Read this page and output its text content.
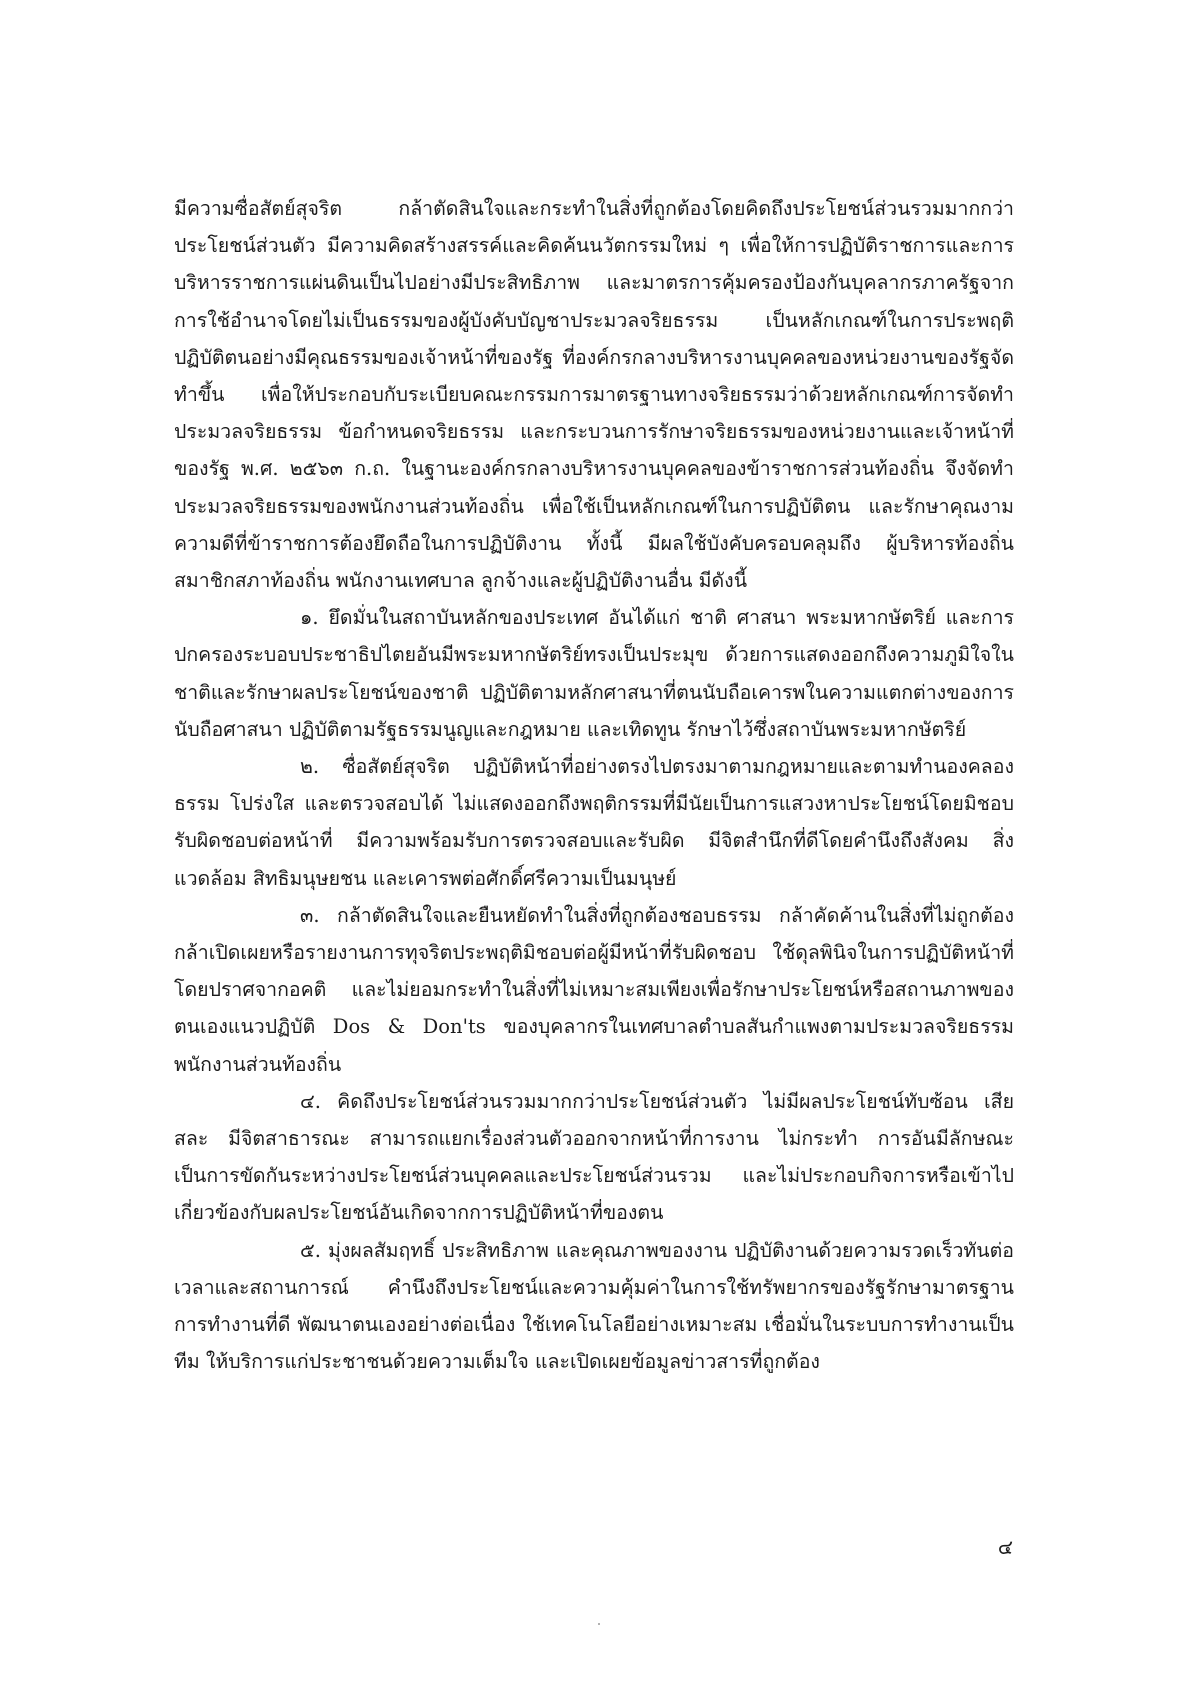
มีความซื่อสัตย์สุจริต กล้าตัดสินใจและกระทำในสิ่งที่ถูกต้องโดยคิดถึงประโยชน์ส่วนรวมมากกว่าประโยชน์ส่วนตัว มีความคิดสร้างสรรค์และคิดค้นนวัตกรรมใหม่ ๆ เพื่อให้การปฏิบัติราชการและการบริหารราชการแผ่นดินเป็นไปอย่างมีประสิทธิภาพ และมาตรการคุ้มครองป้องกันบุคลากรภาครัฐจากการใช้อำนาจโดยไม่เป็นธรรมของผู้บังคับบัญชาประมวลจริยธรรม เป็นหลักเกณฑ์ในการประพฤติปฏิบัติตนอย่างมีคุณธรรมของเจ้าหน้าที่ของรัฐ ที่องค์กรกลางบริหารงานบุคคลของหน่วยงานของรัฐจัดทำขึ้น เพื่อให้ประกอบกับระเบียบคณะกรรมการมาตรฐานทางจริยธรรมว่าด้วยหลักเกณฑ์การจัดทำประมวลจริยธรรม ข้อกำหนดจริยธรรม และกระบวนการรักษาจริยธรรมของหน่วยงานและเจ้าหน้าที่ของรัฐ พ.ศ. ๒๕๖๓ ก.ถ. ในฐานะองค์กรกลางบริหารงานบุคคลของข้าราชการส่วนท้องถิ่น จึงจัดทำประมวลจริยธรรมของพนักงานส่วนท้องถิ่น เพื่อใช้เป็นหลักเกณฑ์ในการปฏิบัติตน และรักษาคุณงามความดีที่ข้าราชการต้องยึดถือในการปฏิบัติงาน ทั้งนี้ มีผลใช้บังคับครอบคลุมถึง ผู้บริหารท้องถิ่น สมาชิกสภาท้องถิ่น พนักงานเทศบาล ลูกจ้างและผู้ปฏิบัติงานอื่น มีดังนี้

๑. ยึดมั่นในสถาบันหลักของประเทศ อันได้แก่ ชาติ ศาสนา พระมหากษัตริย์ และการปกครองระบอบประชาธิปไตยอันมีพระมหากษัตริย์ทรงเป็นประมุข ด้วยการแสดงออกถึงความภูมิใจในชาติและรักษาผลประโยชน์ของชาติ ปฏิบัติตามหลักศาสนาที่ตนนับถือเคารพในความแตกต่างของการนับถือศาสนา ปฏิบัติตามรัฐธรรมนูญและกฎหมาย และเทิดทูน รักษาไว้ซึ่งสถาบันพระมหากษัตริย์

๒. ซื่อสัตย์สุจริต ปฏิบัติหน้าที่อย่างตรงไปตรงมาตามกฎหมายและตามทำนองคลองธรรม โปร่งใส และตรวจสอบได้ ไม่แสดงออกถึงพฤติกรรมที่มีนัยเป็นการแสวงหาประโยชน์โดยมิชอบ รับผิดชอบต่อหน้าที่ มีความพร้อมรับการตรวจสอบและรับผิด มีจิตสำนึกที่ดีโดยคำนึงถึงสังคม สิ่งแวดล้อม สิทธิมนุษยชน และเคารพต่อศักดิ์ศรีความเป็นมนุษย์

๓. กล้าตัดสินใจและยืนหยัดทำในสิ่งที่ถูกต้องชอบธรรม กล้าคัดค้านในสิ่งที่ไม่ถูกต้อง กล้าเปิดเผยหรือรายงานการทุจริตประพฤติมิชอบต่อผู้มีหน้าที่รับผิดชอบ ใช้ดุลพินิจในการปฏิบัติหน้าที่โดยปราศจากอคติ และไม่ยอมกระทำในสิ่งที่ไม่เหมาะสมเพียงเพื่อรักษาประโยชน์หรือสถานภาพของตนเองแนวปฏิบัติ Dos & Don'ts ของบุคลากรในเทศบาลตำบลสันกำแพงตามประมวลจริยธรรมพนักงานส่วนท้องถิ่น

๔. คิดถึงประโยชน์ส่วนรวมมากกว่าประโยชน์ส่วนตัว ไม่มีผลประโยชน์ทับซ้อน เสียสละ มีจิตสาธารณะ สามารถแยกเรื่องส่วนตัวออกจากหน้าที่การงาน ไม่กระทำ การอันมีลักษณะเป็นการขัดกันระหว่างประโยชน์ส่วนบุคคลและประโยชน์ส่วนรวม และไม่ประกอบกิจการหรือเข้าไปเกี่ยวข้องกับผลประโยชน์อันเกิดจากการปฏิบัติหน้าที่ของตน

๕. มุ่งผลสัมฤทธิ์ ประสิทธิภาพ และคุณภาพของงาน ปฏิบัติงานด้วยความรวดเร็วทันต่อเวลาและสถานการณ์ คำนึงถึงประโยชน์และความคุ้มค่าในการใช้ทรัพยากรของรัฐรักษามาตรฐานการทำงานที่ดี พัฒนาตนเองอย่างต่อเนื่อง ใช้เทคโนโลยีอย่างเหมาะสม เชื่อมั่นในระบบการทำงานเป็นทีม ให้บริการแก่ประชาชนด้วยความเต็มใจ และเปิดเผยข้อมูลข่าวสารที่ถูกต้อง

๔
